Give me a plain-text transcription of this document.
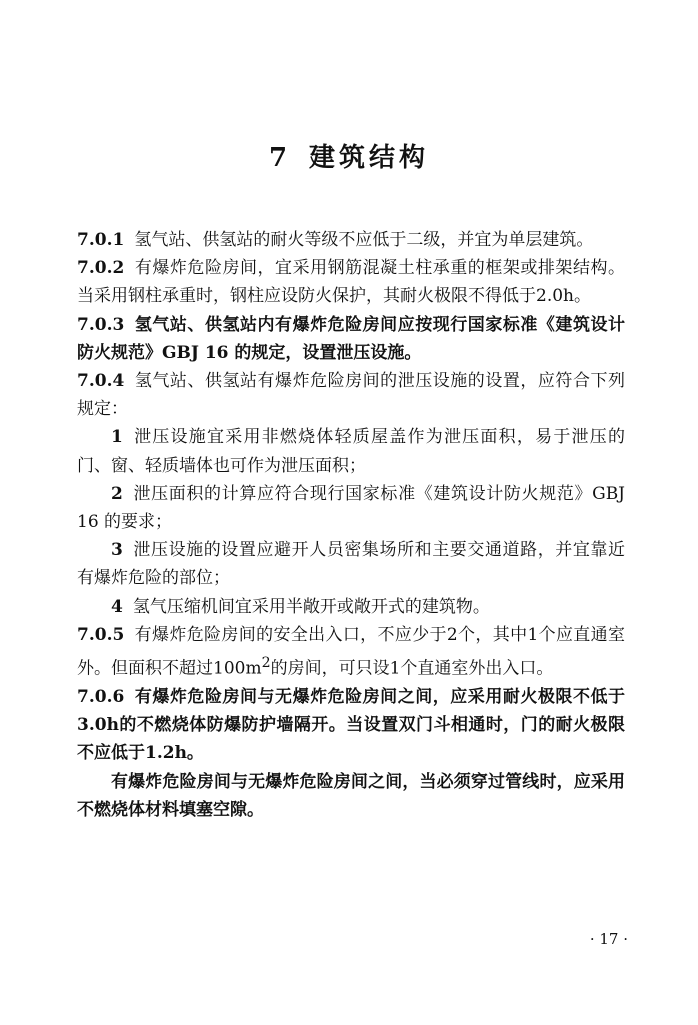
7 建筑结构

7.0.1 氢气站、供氢站的耐火等级不应低于二级，并宜为单层建筑。

7.0.2 有爆炸危险房间，宜采用钢筋混凝土柱承重的框架或排架结构。当采用钢柱承重时，钢柱应设防火保护，其耐火极限不得低于2.0h。

7.0.3 氢气站、供氢站内有爆炸危险房间应按现行国家标准《建筑设计防火规范》GBJ 16 的规定，设置泄压设施。

7.0.4 氢气站、供氢站有爆炸危险房间的泄压设施的设置，应符合下列规定：

1 泄压设施宜采用非燃烧体轻质屋盖作为泄压面积，易于泄压的门、窗、轻质墙体也可作为泄压面积；

2 泄压面积的计算应符合现行国家标准《建筑设计防火规范》GBJ 16 的要求；

3 泄压设施的设置应避开人员密集场所和主要交通道路，并宜靠近有爆炸危险的部位；

4 氢气压缩机间宜采用半敞开或敞开式的建筑物。

7.0.5 有爆炸危险房间的安全出入口，不应少于2个，其中1个应直通室外。但面积不超过$100m^2$的房间，可只设1个直通室外出入口。

7.0.6 有爆炸危险房间与无爆炸危险房间之间，应采用耐火极限不低于3.0h的不燃烧体防爆防护墙隔开。当设置双门斗相通时，门的耐火极限不应低于1.2h。

有爆炸危险房间与无爆炸危险房间之间，当必须穿过管线时，应采用不燃烧体材料填塞空隙。

· 17 ·
